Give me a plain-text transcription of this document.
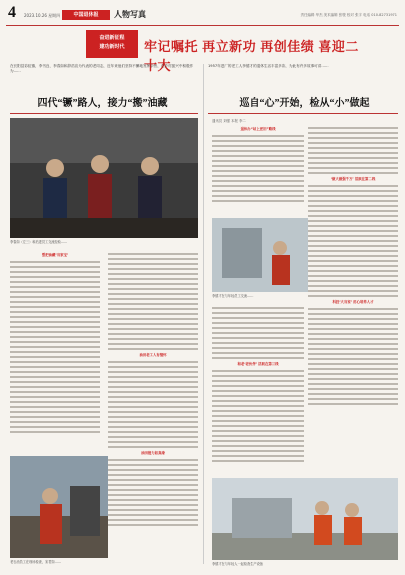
4 2023.10.26 星期四	中国退休报	人物写真	责任编辑 华杰 美术编辑 张骏 校对 张宇 电话 010-82731971
奋进新征程
建功新时代	牢记嘱托 再立新功 再创佳绩 喜迎二十大
在长阳县彩虹镇，李书良、李春如和辞浩宣为代表的老同志，近年来他们坚持不懈地发挥余热，在乡村振兴中积极作为……
四代“镢”路人，接力“搬”油藏
李春如（左三）和后进员工交流经验……
誓把油藏‘当家宝’
油田老工人有情怀
油田接力如真缘
老石油员工在现场检查，宋君如……
1957年进厂的老工人李德才的退休生活丰富多彩，为此有许多故事可讲……
巡自“心”开始，检从“小”做起
通讯员 刘强 本报 李二
退休办“站上更旧”路线
‘做大做强千万’ 活跃在第二线
科技‘大当家’ 用心培养人才
李德才在与年轻员工交流……
和老‘老伙伴’ 活跃在第三线
李德才在与年轻人一起检查生产设备
